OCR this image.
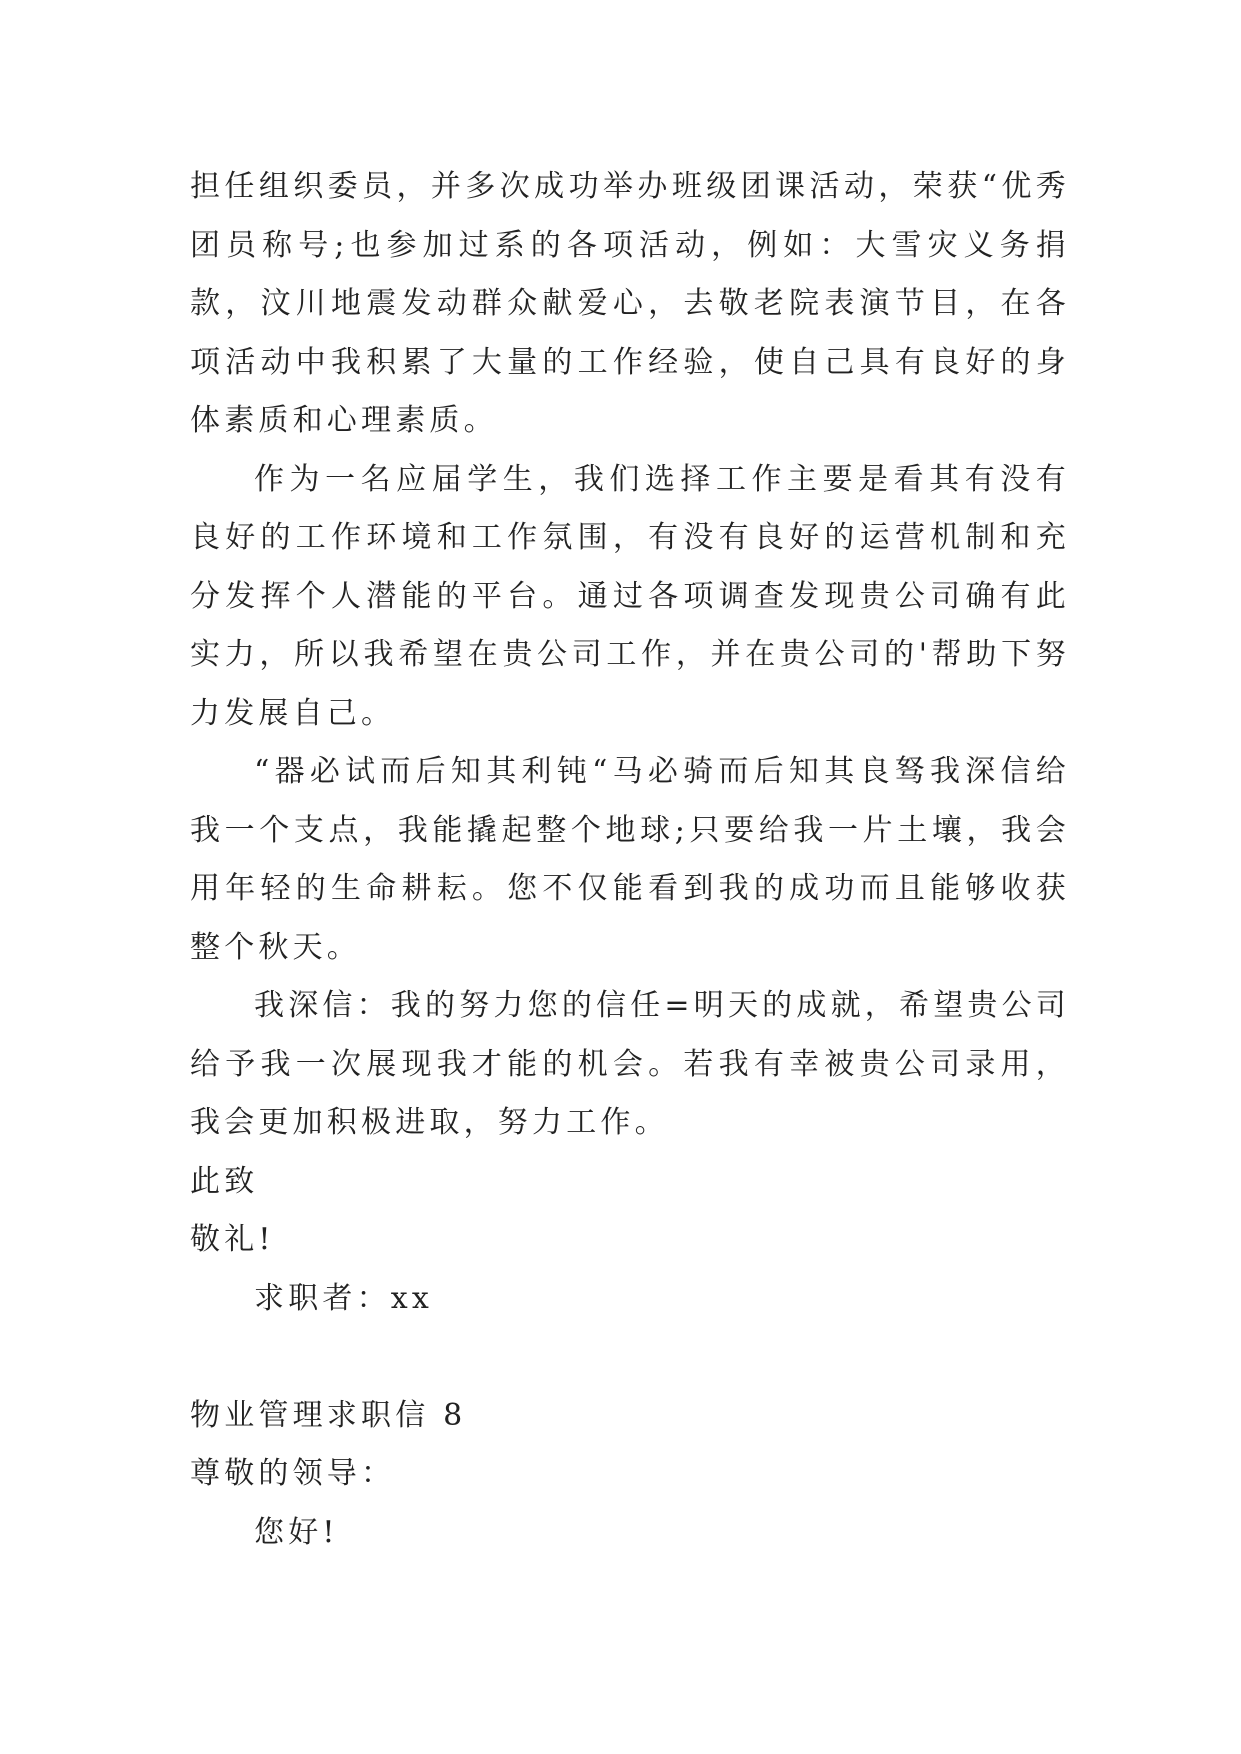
担任组织委员，并多次成功举办班级团课活动，荣获“优秀团员称号;也参加过系的各项活动，例如：大雪灾义务捐款，汶川地震发动群众献爱心，去敬老院表演节目，在各项活动中我积累了大量的工作经验，使自己具有良好的身体素质和心理素质。

作为一名应届学生，我们选择工作主要是看其有没有良好的工作环境和工作氛围，有没有良好的运营机制和充分发挥个人潜能的平台。通过各项调查发现贵公司确有此实力，所以我希望在贵公司工作，并在贵公司的'帮助下努力发展自己。

“器必试而后知其利钝“马必骑而后知其良驽我深信给我一个支点，我能撬起整个地球;只要给我一片土壤，我会用年轻的生命耕耘。您不仅能看到我的成功而且能够收获整个秋天。

我深信：我的努力您的信任=明天的成就，希望贵公司给予我一次展现我才能的机会。若我有幸被贵公司录用，我会更加积极进取，努力工作。

此致

敬礼!

求职者：xx

物业管理求职信 8

尊敬的领导：

您好!
